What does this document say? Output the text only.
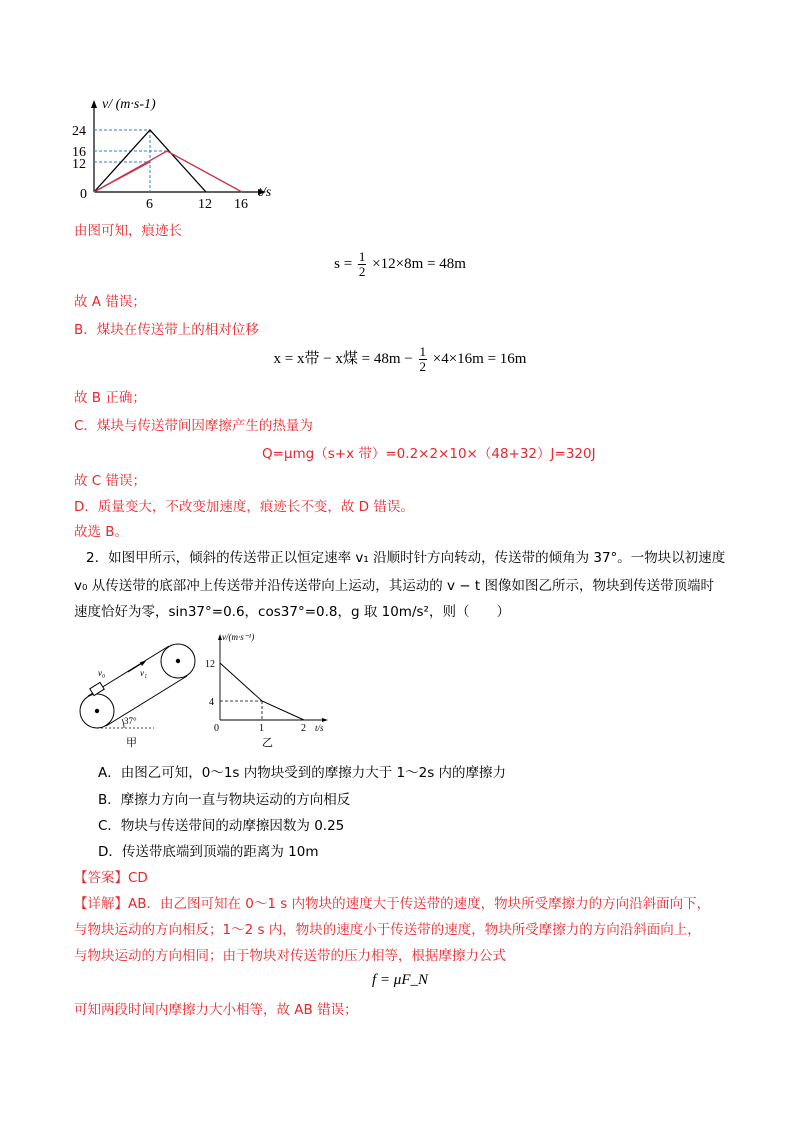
v/ (m·s-1)
24
16
12
0
6	12 16
t/s
由图可知，痕迹长
$s = \frac{1}{2} \times 12\times 8m = 48m$
故 A 错误；
B．煤块在传送带上的相对位移
x = x带 − x煤 = $48m - \frac{1}{2} \times 4\times 16m = 16m$
故 B 正确；
C．煤块与传送带间因摩擦产生的热量为
Q=μmg（s+x 带）=0.2×2×10×（48+32）J=320J
故 C 错误；
D．质量变大，不改变加速度，痕迹长不变，故 D 错误。
故选 B。
2．如图甲所示，倾斜的传送带正以恒定速率 v₁ 沿顺时针方向转动，传送带的倾角为 37°。一物块以初速度
v₀ 从传送带的底部冲上传送带并沿传送带向上运动，其运动的 v − t 图像如图乙所示，物块到传送带顶端时
速度恰好为零，sin37°=0.6，cos37°=0.8，g 取 10m/s²，则（　　）
v₀	v₁
37°
甲
v/(m·s⁻¹)
12
4
0	1	2 t/s
乙
A．由图乙可知，0～1s 内物块受到的摩擦力大于 1～2s 内的摩擦力
B．摩擦力方向一直与物块运动的方向相反
C．物块与传送带间的动摩擦因数为 0.25
D．传送带底端到顶端的距离为 10m
【答案】CD
【详解】AB．由乙图可知在 0～1 s 内物块的速度大于传送带的速度，物块所受摩擦力的方向沿斜面向下，
与物块运动的方向相反；1～2 s 内，物块的速度小于传送带的速度，物块所受摩擦力的方向沿斜面向上，
与物块运动的方向相同；由于物块对传送带的压力相等，根据摩擦力公式
f = μF_N
可知两段时间内摩擦力大小相等，故 AB 错误；
